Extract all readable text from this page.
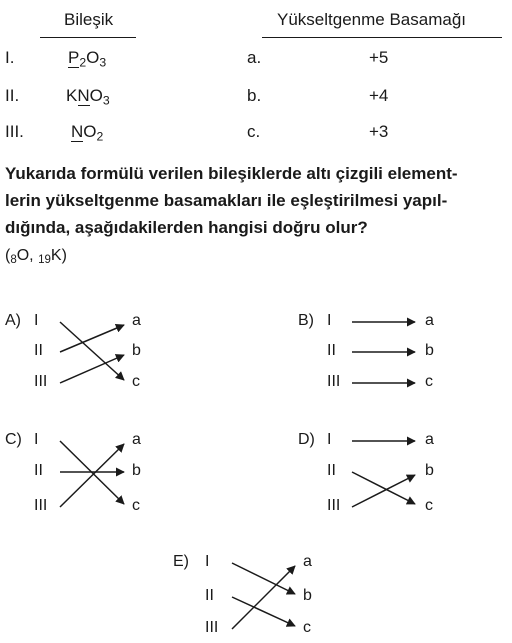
Bileşik	Yükseltgenme Basamağı
I.	$P_2O_3$	a.	+5
II.	$KNO_3$	b.	+4
III.	$NO_2$	c.	+3
Yukarıda formülü verilen bileşiklerde altı çizgili element-
lerin yükseltgenme basamakları ile eşleştirilmesi yapıl-
dığında, aşağıdakilerden hangisi doğru olur?
($_8O$, $_{19}$K)
A) I
II
III
a
b
c
B) I
II
III
a
b
c
C) I
II
III
a
b
c
D) I
II
III
a
b
c
E) I
II
III
a
b
c
